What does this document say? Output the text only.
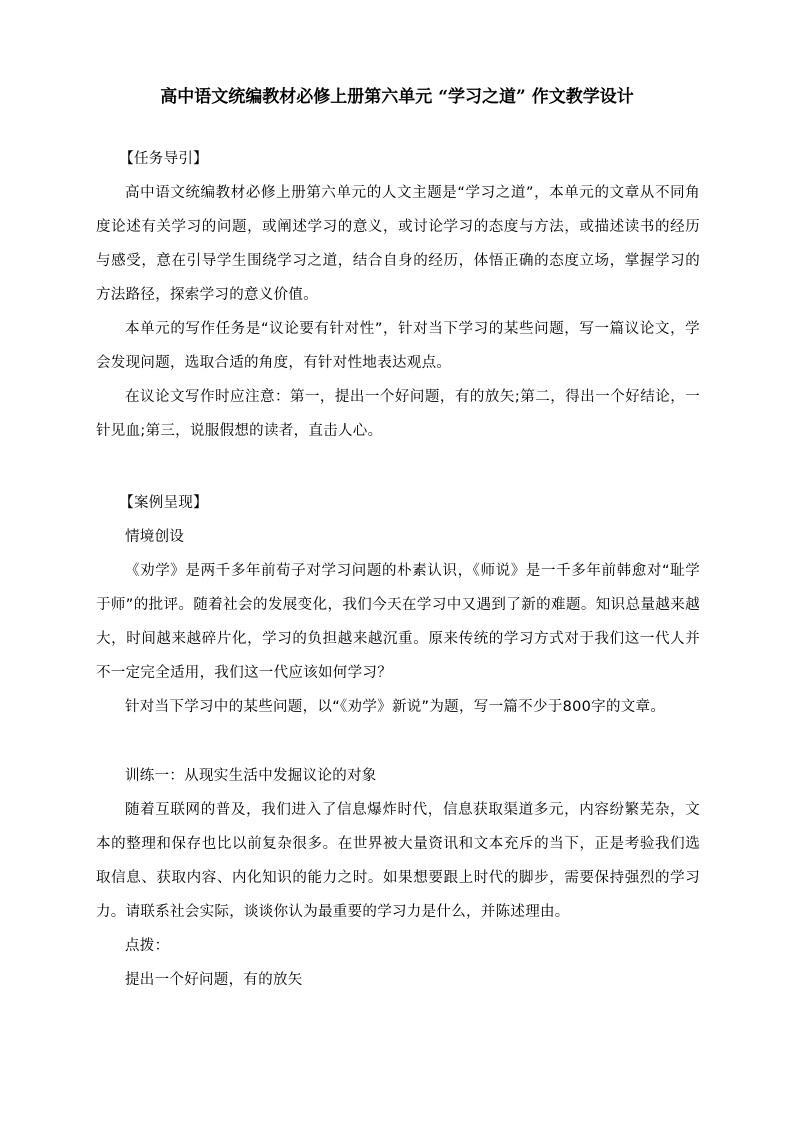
高中语文统编教材必修上册第六单元 “学习之道” 作文教学设计

【任务导引】

高中语文统编教材必修上册第六单元的人文主题是“学习之道”，本单元的文章从不同角度论述有关学习的问题，或阐述学习的意义，或讨论学习的态度与方法，或描述读书的经历与感受，意在引导学生围绕学习之道，结合自身的经历，体悟正确的态度立场，掌握学习的方法路径，探索学习的意义价值。

本单元的写作任务是“议论要有针对性”，针对当下学习的某些问题，写一篇议论文，学会发现问题，选取合适的角度，有针对性地表达观点。

在议论文写作时应注意：第一，提出一个好问题，有的放矢;第二，得出一个好结论，一针见血;第三，说服假想的读者，直击人心。

【案例呈现】

情境创设

《劝学》是两千多年前荀子对学习问题的朴素认识，《师说》是一千多年前韩愈对“耻学于师”的批评。随着社会的发展变化，我们今天在学习中又遇到了新的难题。知识总量越来越大，时间越来越碎片化，学习的负担越来越沉重。原来传统的学习方式对于我们这一代人并不一定完全适用，我们这一代应该如何学习？

针对当下学习中的某些问题，以“《劝学》新说”为题，写一篇不少于800字的文章。

训练一：从现实生活中发掘议论的对象

随着互联网的普及，我们进入了信息爆炸时代，信息获取渠道多元，内容纷繁芜杂，文本的整理和保存也比以前复杂很多。在世界被大量资讯和文本充斥的当下，正是考验我们选取信息、获取内容、内化知识的能力之时。如果想要跟上时代的脚步，需要保持强烈的学习力。请联系社会实际，谈谈你认为最重要的学习力是什么，并陈述理由。

点拨：

提出一个好问题，有的放矢
